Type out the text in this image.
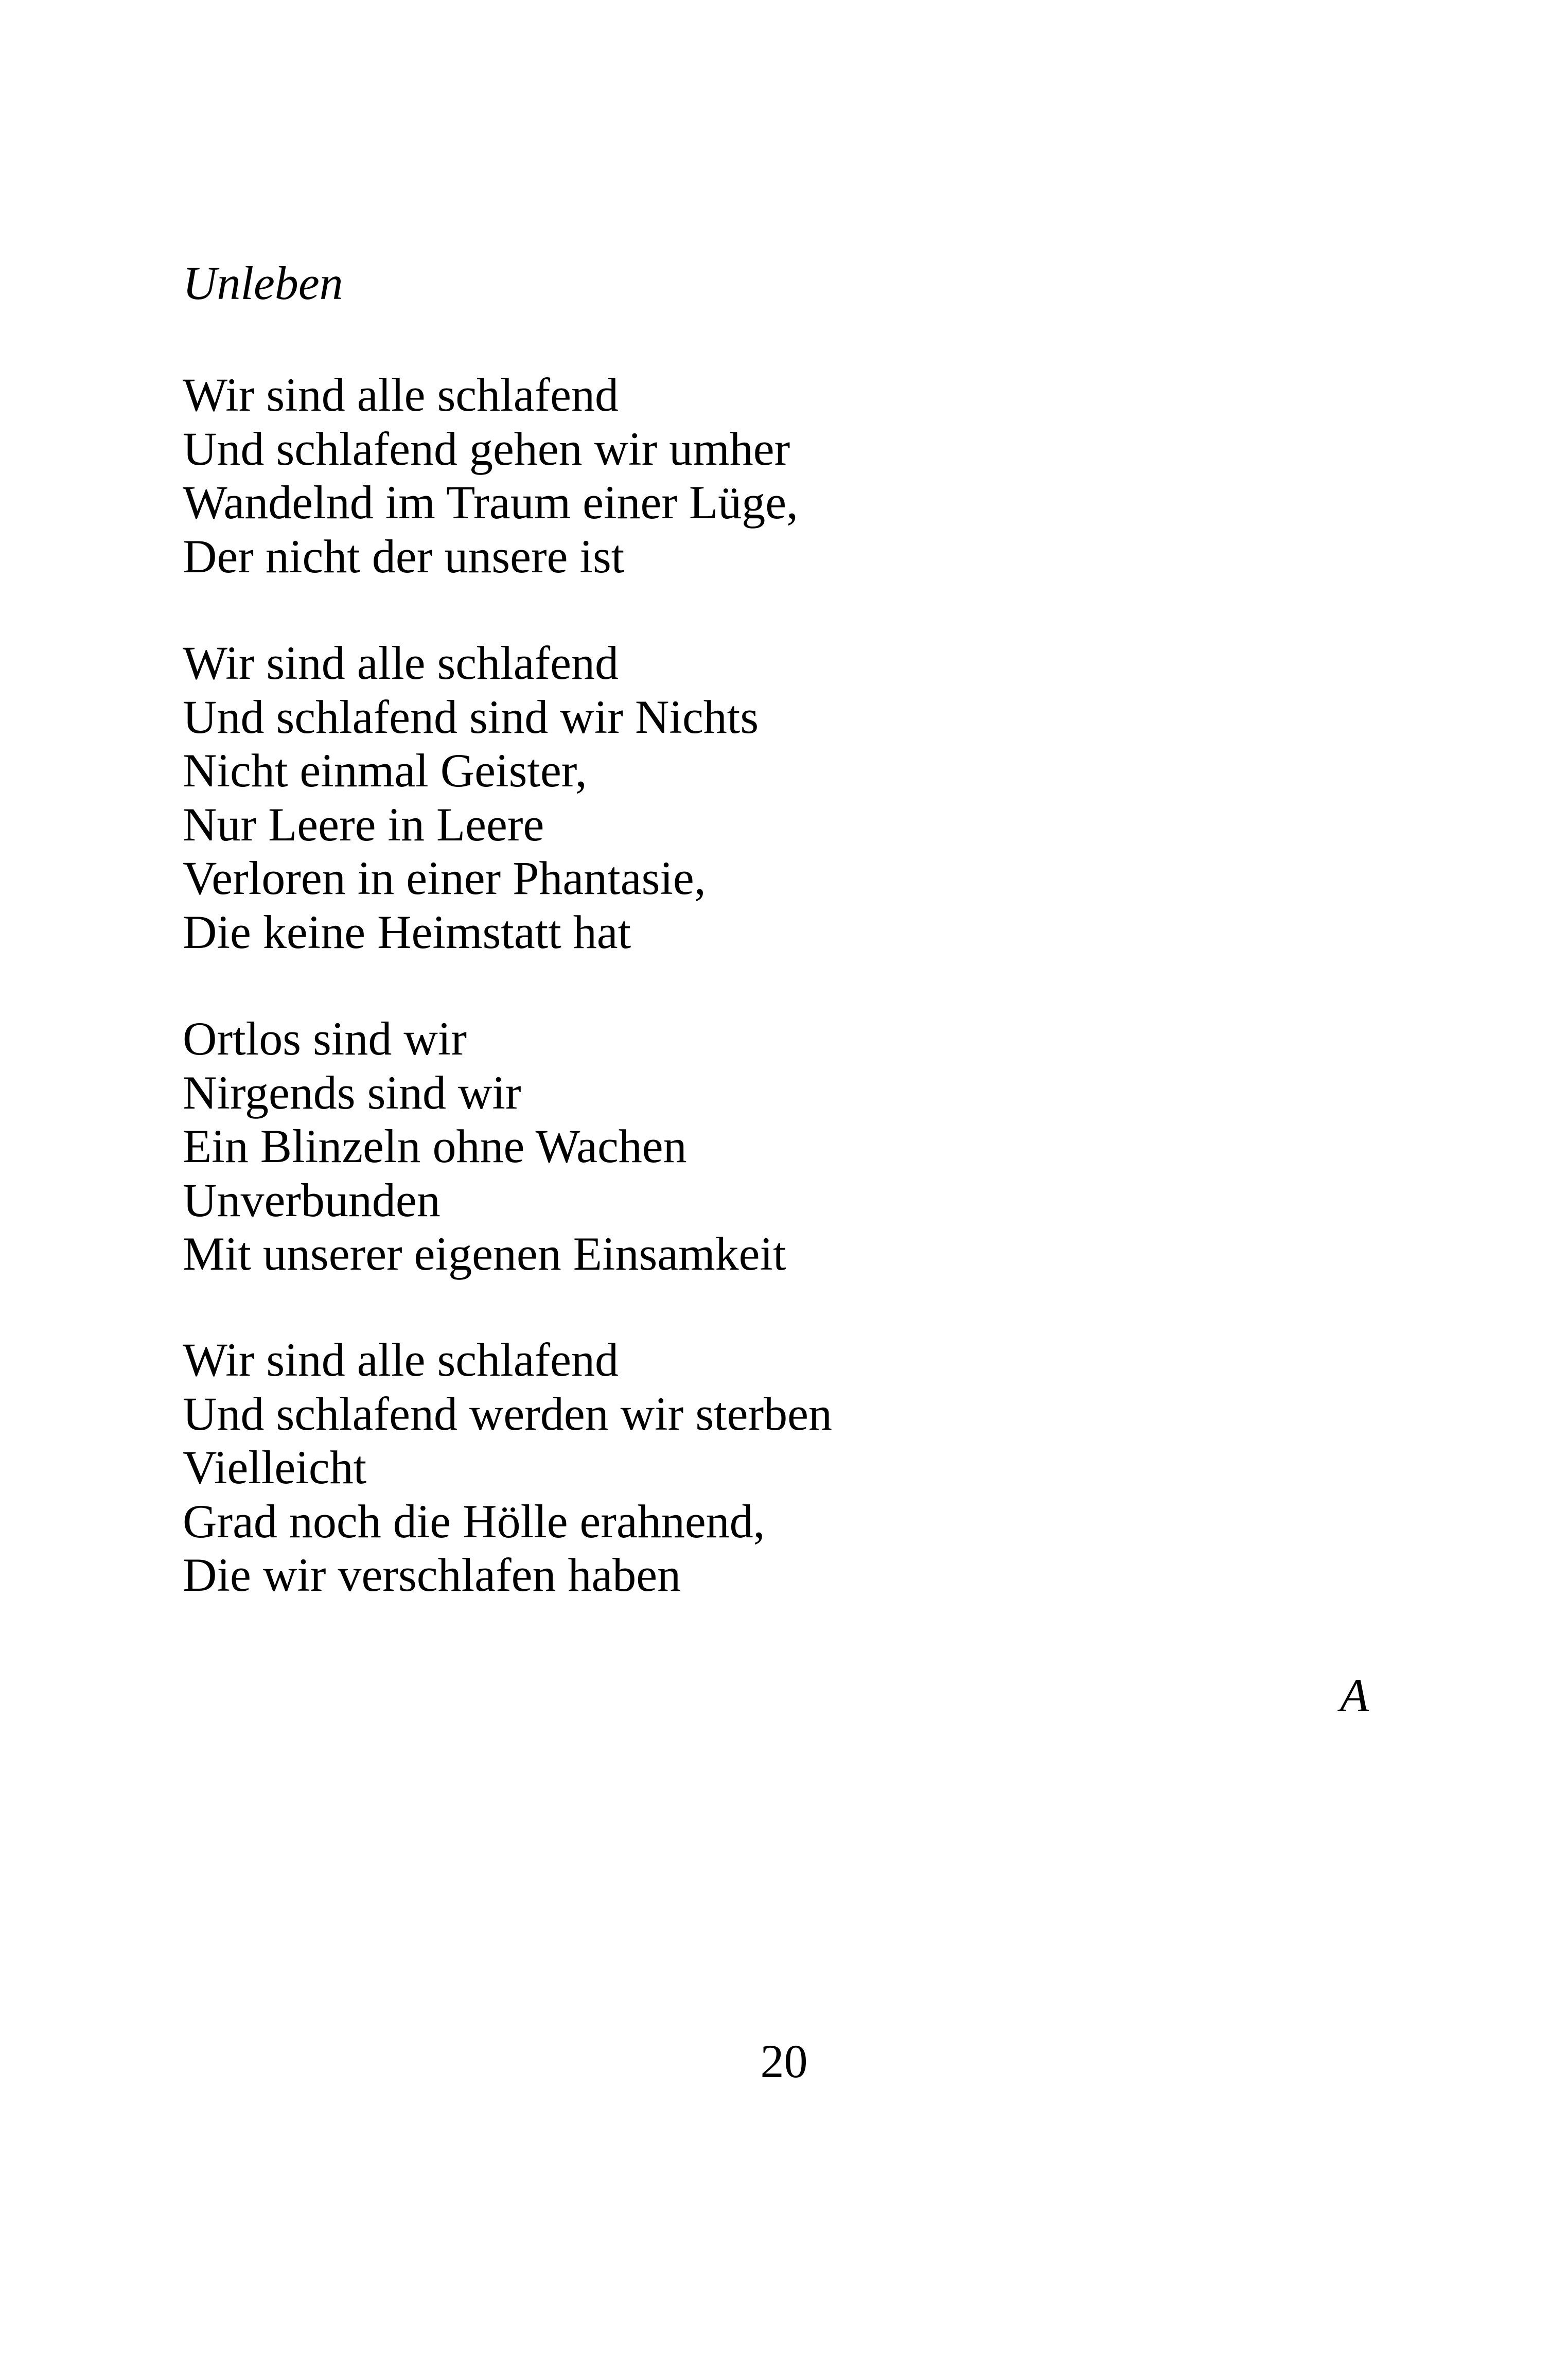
Unleben
Wir sind alle schlafend
Und schlafend gehen wir umher
Wandelnd im Traum einer Lüge,
Der nicht der unsere ist
Wir sind alle schlafend
Und schlafend sind wir Nichts
Nicht einmal Geister,
Nur Leere in Leere
Verloren in einer Phantasie,
Die keine Heimstatt hat
Ortlos sind wir
Nirgends sind wir
Ein Blinzeln ohne Wachen
Unverbunden
Mit unserer eigenen Einsamkeit
Wir sind alle schlafend
Und schlafend werden wir sterben
Vielleicht
Grad noch die Hölle erahnend,
Die wir verschlafen haben
A
20
